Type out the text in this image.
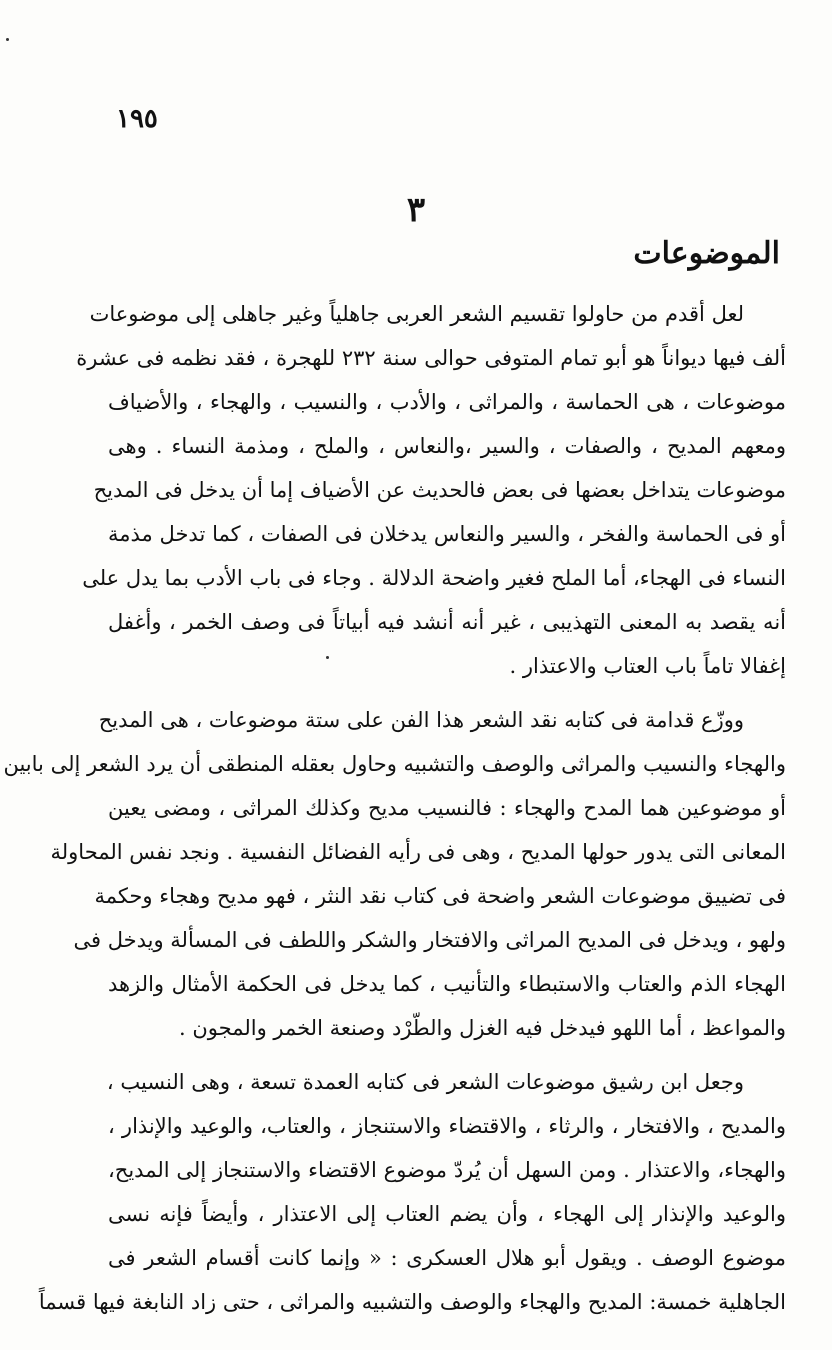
١٩٥
٣
الموضوعات
لعل أقدم من حاولوا تقسيم الشعر العربى جاهلياً وغير جاهلى إلى موضوعات
ألف فيها ديواناً هو أبو تمام المتوفى حوالى سنة ٢٣٢ للهجرة ، فقد نظمه فى عشرة
موضوعات ، هى الحماسة ، والمراثى ، والأدب ، والنسيب ، والهجاء ، والأضياف
ومعهم المديح ، والصفات ، والسير ،والنعاس ، والملح ، ومذمة النساء . وهى
موضوعات يتداخل بعضها فى بعض فالحديث عن الأضياف إما أن يدخل فى المديح
أو فى الحماسة والفخر ، والسير والنعاس يدخلان فى الصفات ، كما تدخل مذمة
النساء فى الهجاء، أما الملح فغير واضحة الدلالة . وجاء فى باب الأدب بما يدل على
أنه يقصد به المعنى التهذيبى ، غير أنه أنشد فيه أبياتاً فى وصف الخمر ، وأغفل
إغفالا تاماً باب العتاب والاعتذار .
ووزّع قدامة فى كتابه نقد الشعر هذا الفن على ستة موضوعات ، هى المديح
والهجاء والنسيب والمراثى والوصف والتشبيه وحاول بعقله المنطقى أن يرد الشعر إلى بابين
أو موضوعين هما المدح والهجاء : فالنسيب مديح وكذلك المراثى ، ومضى يعين
المعانى التى يدور حولها المديح ، وهى فى رأيه الفضائل النفسية . ونجد نفس المحاولة
فى تضييق موضوعات الشعر واضحة فى كتاب نقد النثر ، فهو مديح وهجاء وحكمة
ولهو ، ويدخل فى المديح المراثى والافتخار والشكر واللطف فى المسألة ويدخل فى
الهجاء الذم والعتاب والاستبطاء والتأنيب ، كما يدخل فى الحكمة الأمثال والزهد
والمواعظ ، أما اللهو فيدخل فيه الغزل والطّرْد وصنعة الخمر والمجون .
وجعل ابن رشيق موضوعات الشعر فى كتابه العمدة تسعة ، وهى النسيب ،
والمديح ، والافتخار ، والرثاء ، والاقتضاء والاستنجاز ، والعتاب، والوعيد والإنذار ،
والهجاء، والاعتذار . ومن السهل أن يُردّ موضوع الاقتضاء والاستنجاز إلى المديح،
والوعيد والإنذار إلى الهجاء ، وأن يضم العتاب إلى الاعتذار ، وأيضاً فإنه نسى
موضوع الوصف . ويقول أبو هلال العسكرى : « وإنما كانت أقسام الشعر فى
الجاهلية خمسة: المديح والهجاء والوصف والتشبيه والمراثى ، حتى زاد النابغة فيها قسماً
